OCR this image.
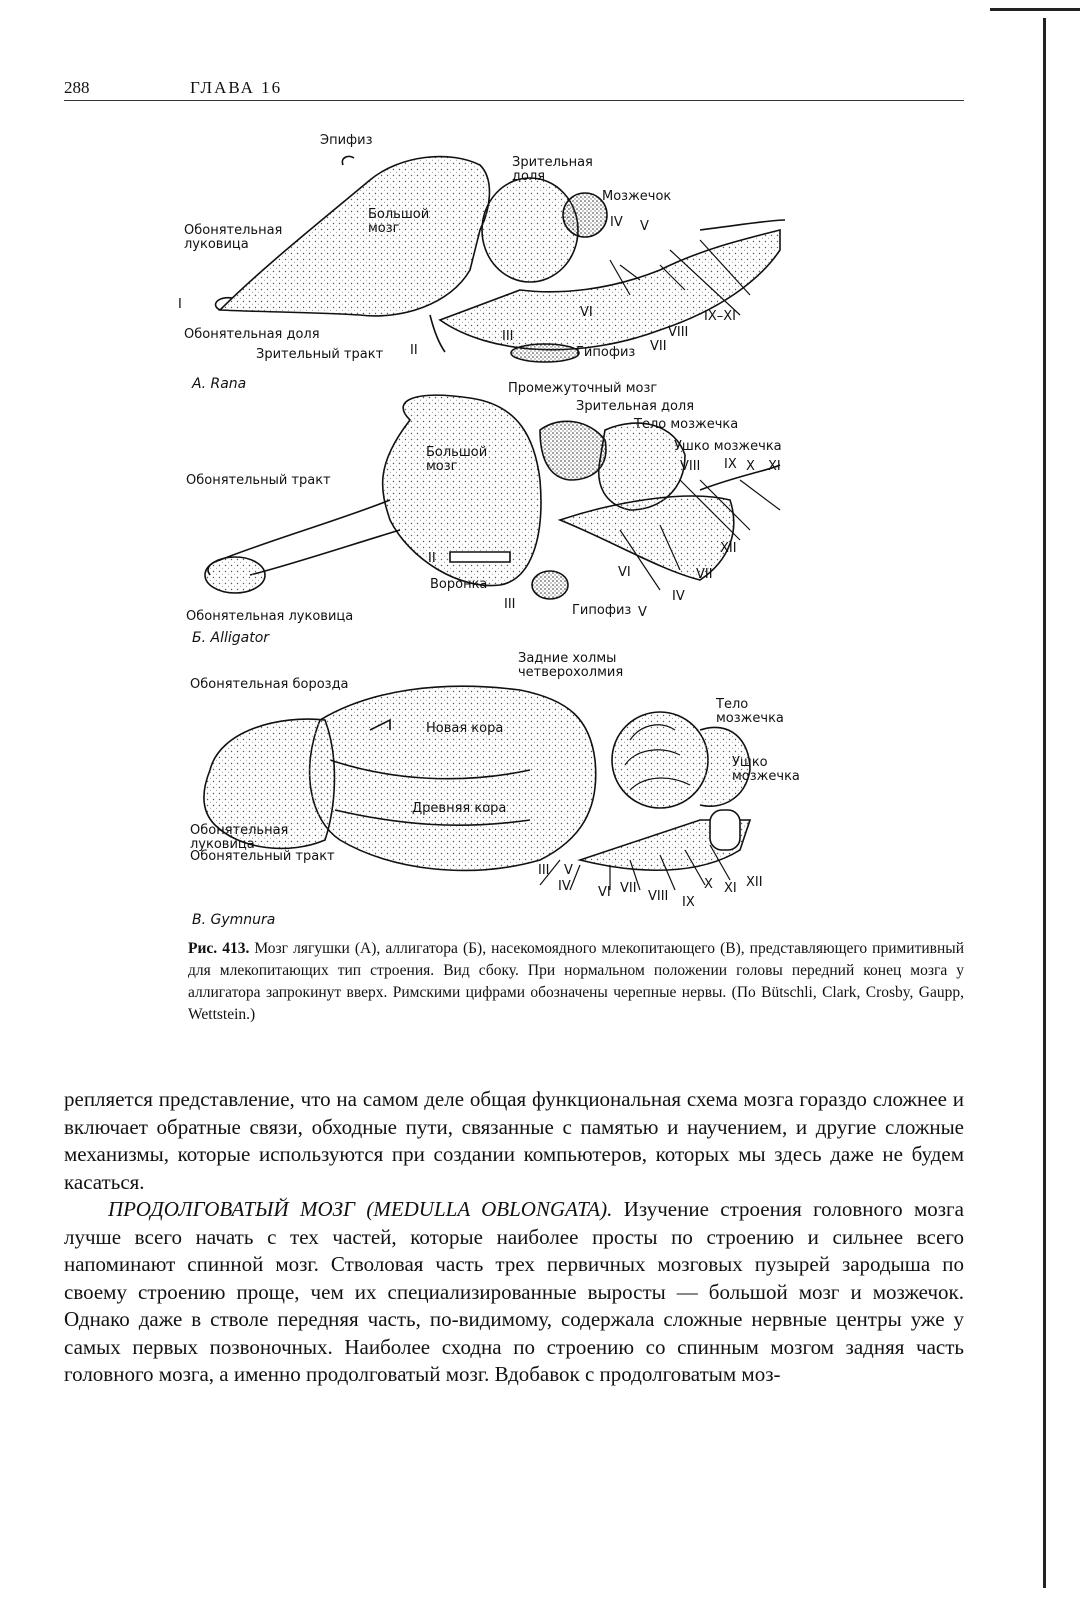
288	ГЛАВА 16
Эпифиз
Зрительная доля
Мозжечок
Большой мозг
Обонятельная луковица
I
Обонятельная доля
Зрительный тракт II
III
Гипофиз
IV V
VI
VII
VIII
IX–XI
А. Rana	Промежуточный мозг
Зрительная доля
Тело мозжечка
Ушко мозжечка
Большой мозг
Обонятельный тракт
VIII IX X XI
XII
II
Воронка
VI	VII
IV
III	Гипофиз V
Обонятельная луковица
Б. Alligator
Задние холмы четверохолмия
Обонятельная борозда
Тело мозжечка
Новая кора
Ушко мозжечка
Древняя кора
Обонятельная луковица
Обонятельный тракт
III V
IV VI VII
VIII IX
X XI XII
В. Gymnura
Рис. 413. Мозг лягушки (А), аллигатора (Б), насекомоядного млекопитающего (В), представляющего примитивный для млекопитающих тип строения. Вид сбоку. При нормальном положении головы передний конец мозга у аллигатора запрокинут вверх. Римскими цифрами обозначены черепные нервы. (По Bütschli, Clark, Crosby, Gaupp, Wettstein.)

репляется представление, что на самом деле общая функциональная схема мозга гораздо сложнее и включает обратные связи, обходные пути, связанные с памятью и научением, и другие сложные механизмы, которые используются при создании компьютеров, которых мы здесь даже не будем касаться.

ПРОДОЛГОВАТЫЙ МОЗГ (MEDULLA OBLONGATA). Изучение строения головного мозга лучше всего начать с тех частей, которые наиболее просты по строению и сильнее всего напоминают спинной мозг. Стволовая часть трех первичных мозговых пузырей зародыша по своему строению проще, чем их специализированные выросты — большой мозг и мозжечок. Однако даже в стволе передняя часть, по-видимому, содержала сложные нервные центры уже у самых первых позвоночных. Наиболее сходна по строению со спинным мозгом задняя часть головного мозга, а именно продолговатый мозг. Вдобавок с продолговатым моз-
